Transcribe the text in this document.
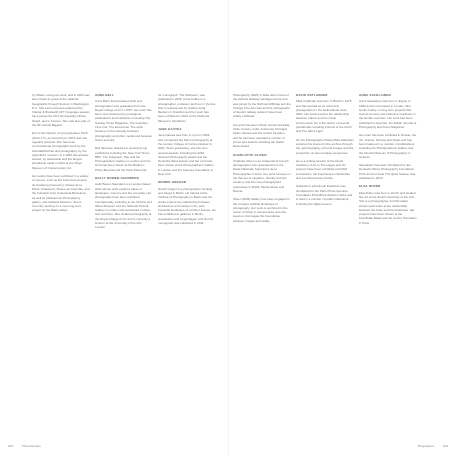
(1) Affairs, using two work, and in 2002 was also invited to guest at the national Geographic through Society in Washington D.C. She Latin received organized the Vrlebar & BioHealth (IFT) language session have joined the third photography Hilmer 3ward, and in Kosovo. She was also part of the 5th Aerials Biggest.

Des is the director of local gazetteer Perth (2014-1 5), an obscuring in 2016 and has regularly lectured. She has been commissioned photographic work by the Zentralbibliothek and photography by the Agriculture museum of a 1992 has already started, by Hardcastle and the largest photobook made in 2012 at the Tokyo Museum of Contemporary Art.

Her works have been exhibited in a variety of venues, such as the Kunst Documenta de Goteborg (Germany), Musée de la Photo (Charleroi), Musée de Grenoble, and the Fundacio Foto Colectania Barcelona, as well as Lillehammer Photography gallery, and Oakland Museum. She is currently working on a new long-term project on the Baltic states.

ANNA BELL

Anna Bell's Dorset-based artist and photographer who graduated from the Royal College of Art in 1997. Her work has been commissioned by prestigious publications and institutions including The Sunday Times Magazine, The Guardian, Time Out, The Economist. The artist focuses on the interplay between photography and other media and between fiction and fact.

Bell has been featured in several group exhibitions including the New York Times, BBC, The Telegraph, Tate and the Photographers' Gallery in London and her work has been shown at the Brighton Photo Biennial and the Paris Photo fair.

HOLLY BOWER-SAUNDERS

Holly Bower-Saunders is a London-based artist whose work explores ideas of landscape, memory and the everyday. Her photographs have been exhibited internationally, including at the Victoria and Albert Museum and the National Portrait Gallery in London and at festivals in Arles and Lianzhou. She studied photography at the Royal College of Art and is currently a lecturer at the University of the Arts London.

for monograph. The Weltraum, was published in 2009. Anna Coffee is a photographer, professor and tour in Vienna. She is represented by Galerie Anita Beckers in Frankfurt and her work has been exhibited in 2001 at the Moderna Museet in Stockholm.

JANE GAUTEA

Jane Gautea was born in Lyon in 1963. She completed her MA in photography at the London College of Communication in 2002. Since graduating, she has won several awards, including the 2004 Jerwood Photography Award and the Deutsche Bank Award, and her work has been shown at the Photographers' Gallery in London and the Aperture Foundation in New York.

HENRIK GREGOR

Henrik Gregor is a photographer working and based in Berlin. He trained at the Institute of Photography in Berlin and his works explore the relationship between architecture and society in the post-industrial landscape of northern Europe. He has exhibited at galleries in Berlin, Amsterdam and Copenhagen and his first monograph was published in 2011.

Photography (RHP) in Elbe was formed of the Ashford Railway Heritage Centre and was joined by the Richmond Bridge and the Vintage Fine Arts Fair and his photographs of derelict railway stations have been widely exhibited.

His work has been shown across Australia, Chile, France, India, Indonesia, Portugal, Spain, Russia and the United Kingdom, and he has been awarded a number of prizes and awards including the Steidl Book Award.

CHARLOTTE OLIVER

Charlotte Oliver is an independent French photographer who graduated from the Ecole Nationale Supérieure de la Photographie in Arles. Her work focuses on the themes of migration, identity and the uncanny and she has photographed extensively in Brazil, Mozambique and Bosnia.

Oliver (2009) Gallery has been engaged in the complex political landscape of photography. Her work is anchored in the notion of fiction in documentary and she seeks to interrogate the boundaries between images and reality.

DAVID OSTLANDER

Mika Ostlander was born in Brazil in 1978 and has worked as an artist and photographer in the Netherlands since 2002. His works explore the relationship between nature and the urban environment. He is the author of several photobooks including Forests of the North and The Silent Light.

On the Photographic Plates Mika Ostlander explores his interest in the archive through the rephotography of found images and the production of new narrative sequences.

He is a visiting lecturer at the Royal Academy of Art in The Hague and his projects have been exhibited at FOAM Amsterdam, the Fotomuseum Winterthur and Les Rencontres d'Arles.

Ostlander's photobook Fieldwork was shortlisted for the Paris Photo-Aperture Foundation PhotoBook Award in 2014 and is held in a number of public collections, including the Rijksmuseum.

ANNA SAVOLAINEN

Anna Savolainen was born in Espoo in 1980 and is now based in London. She works mainly on long-term projects that look at memory and collective narratives in the Nordic countries. Her work has been published in Aperture, the British Journal of Photography and Foam Magazine.

Her work has been exhibited in Russia, the UK, France, Norway and Spain and has been featured in a number of publications including the Photographers' Gallery and the Finnish Museum of Photography in Helsinki.

Savolainen has been shortlisted for the Deutsche Börse Photography Foundation Prize and her book The Quiet Season was published in 2015.

ELSA RUDER

Elsa Ruder was born in Zurich and studied fine art at the Zurich University of the Arts. She is a photographer and filmmaker whose work looks at the relationship between the body and the landscape. Her projects have been shown at the Kunsthalle Basel and the Centre Pompidou in Paris.

222	Photoclimates	Biographies	223
